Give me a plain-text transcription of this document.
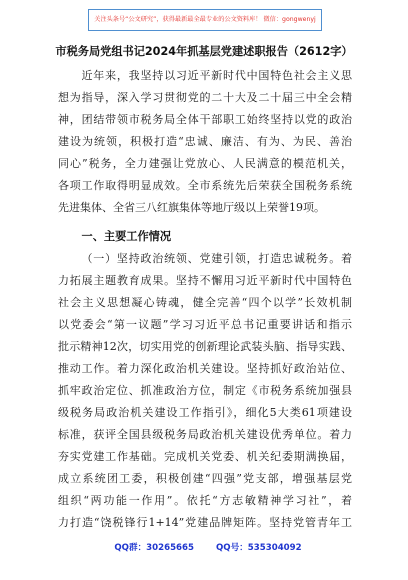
关注头条号“公文研究”，获得最新最全最专业的公文资料库！ 微信：gongwenyj
市税务局党组书记2024年抓基层党建述职报告（2612字）
近年来，我坚持以习近平新时代中国特色社会主义思
想为指导，深入学习贯彻党的二十大及二十届三中全会精
神，团结带领市税务局全体干部职工始终坚持以党的政治
建设为统领，积极打造“忠诚、廉洁、有为、为民、善治
同心”税务，全力建强让党放心、人民满意的模范机关，
各项工作取得明显成效。全市系统先后荣获全国税务系统
先进集体、全省三八红旗集体等地厅级以上荣誉19项。
一、主要工作情况
（一）坚持政治统领、党建引领，打造忠诚税务。着
力拓展主题教育成果。坚持不懈用习近平新时代中国特色
社会主义思想凝心铸魂，健全完善“四个以学”长效机制
以党委会“第一议题”学习习近平总书记重要讲话和指示
批示精神12次，切实用党的创新理论武装头脑、指导实践、
推动工作。着力深化政治机关建设。坚持抓好政治站位、
抓牢政治定位、抓准政治方位，制定《市税务系统加强县
级税务局政治机关建设工作指引》，细化5大类61项建设
标准，获评全国县级税务局政治机关建设优秀单位。着力
夯实党建工作基础。完成机关党委、机关纪委期满换届，
成立系统团工委，积极创建“四强”党支部，增强基层党
组织“两功能一作用”。依托“方志敏精神学习社”，着
力打造“饶税锋行1+14”党建品牌矩阵。坚持党管青年工
QQ群：30265665	QQ号：535304092
